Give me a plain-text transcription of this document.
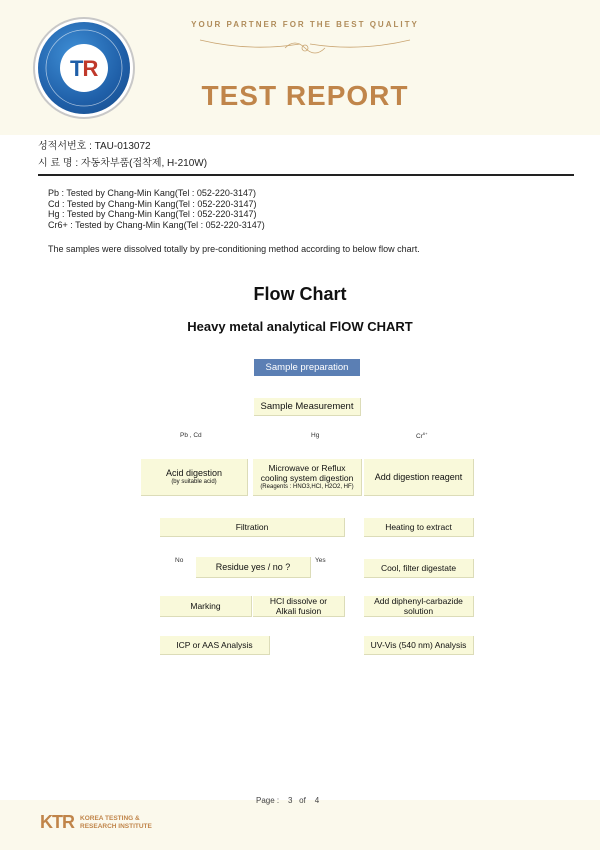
TR
YOUR PARTNER FOR THE BEST QUALITY
TEST REPORT
성적서번호 : TAU-013072
시 료 명 : 자동차부품(접착제, H-210W)
Pb : Tested by Chang-Min Kang(Tel : 052-220-3147)
Cd : Tested by Chang-Min Kang(Tel : 052-220-3147)
Hg : Tested by Chang-Min Kang(Tel : 052-220-3147)
Cr6+ : Tested by Chang-Min Kang(Tel : 052-220-3147)
The samples were dissolved totally by pre-conditioning method according to below flow chart.
Flow Chart
Heavy metal analytical FlOW CHART
Sample preparation
Sample Measurement
Pb , Cd	Hg	$Cr^{6+}$
Acid digestion
(by suitable acid)
Microwave or Reflux
cooling system digestion
(Reagents : HNO3,HCl, H2O2, HF)
Add digestion reagent
Filtration	Heating to extract
No
Residue yes / no ?
Yes
Cool, filter digestate
Marking	HCl dissolve or
Alkali fusion
Add diphenyl-carbazide
solution
ICP or AAS Analysis	UV-Vis (540 nm) Analysis
Page : 3 of 4
KTR KOREA TESTING &
RESEARCH INSTITUTE
